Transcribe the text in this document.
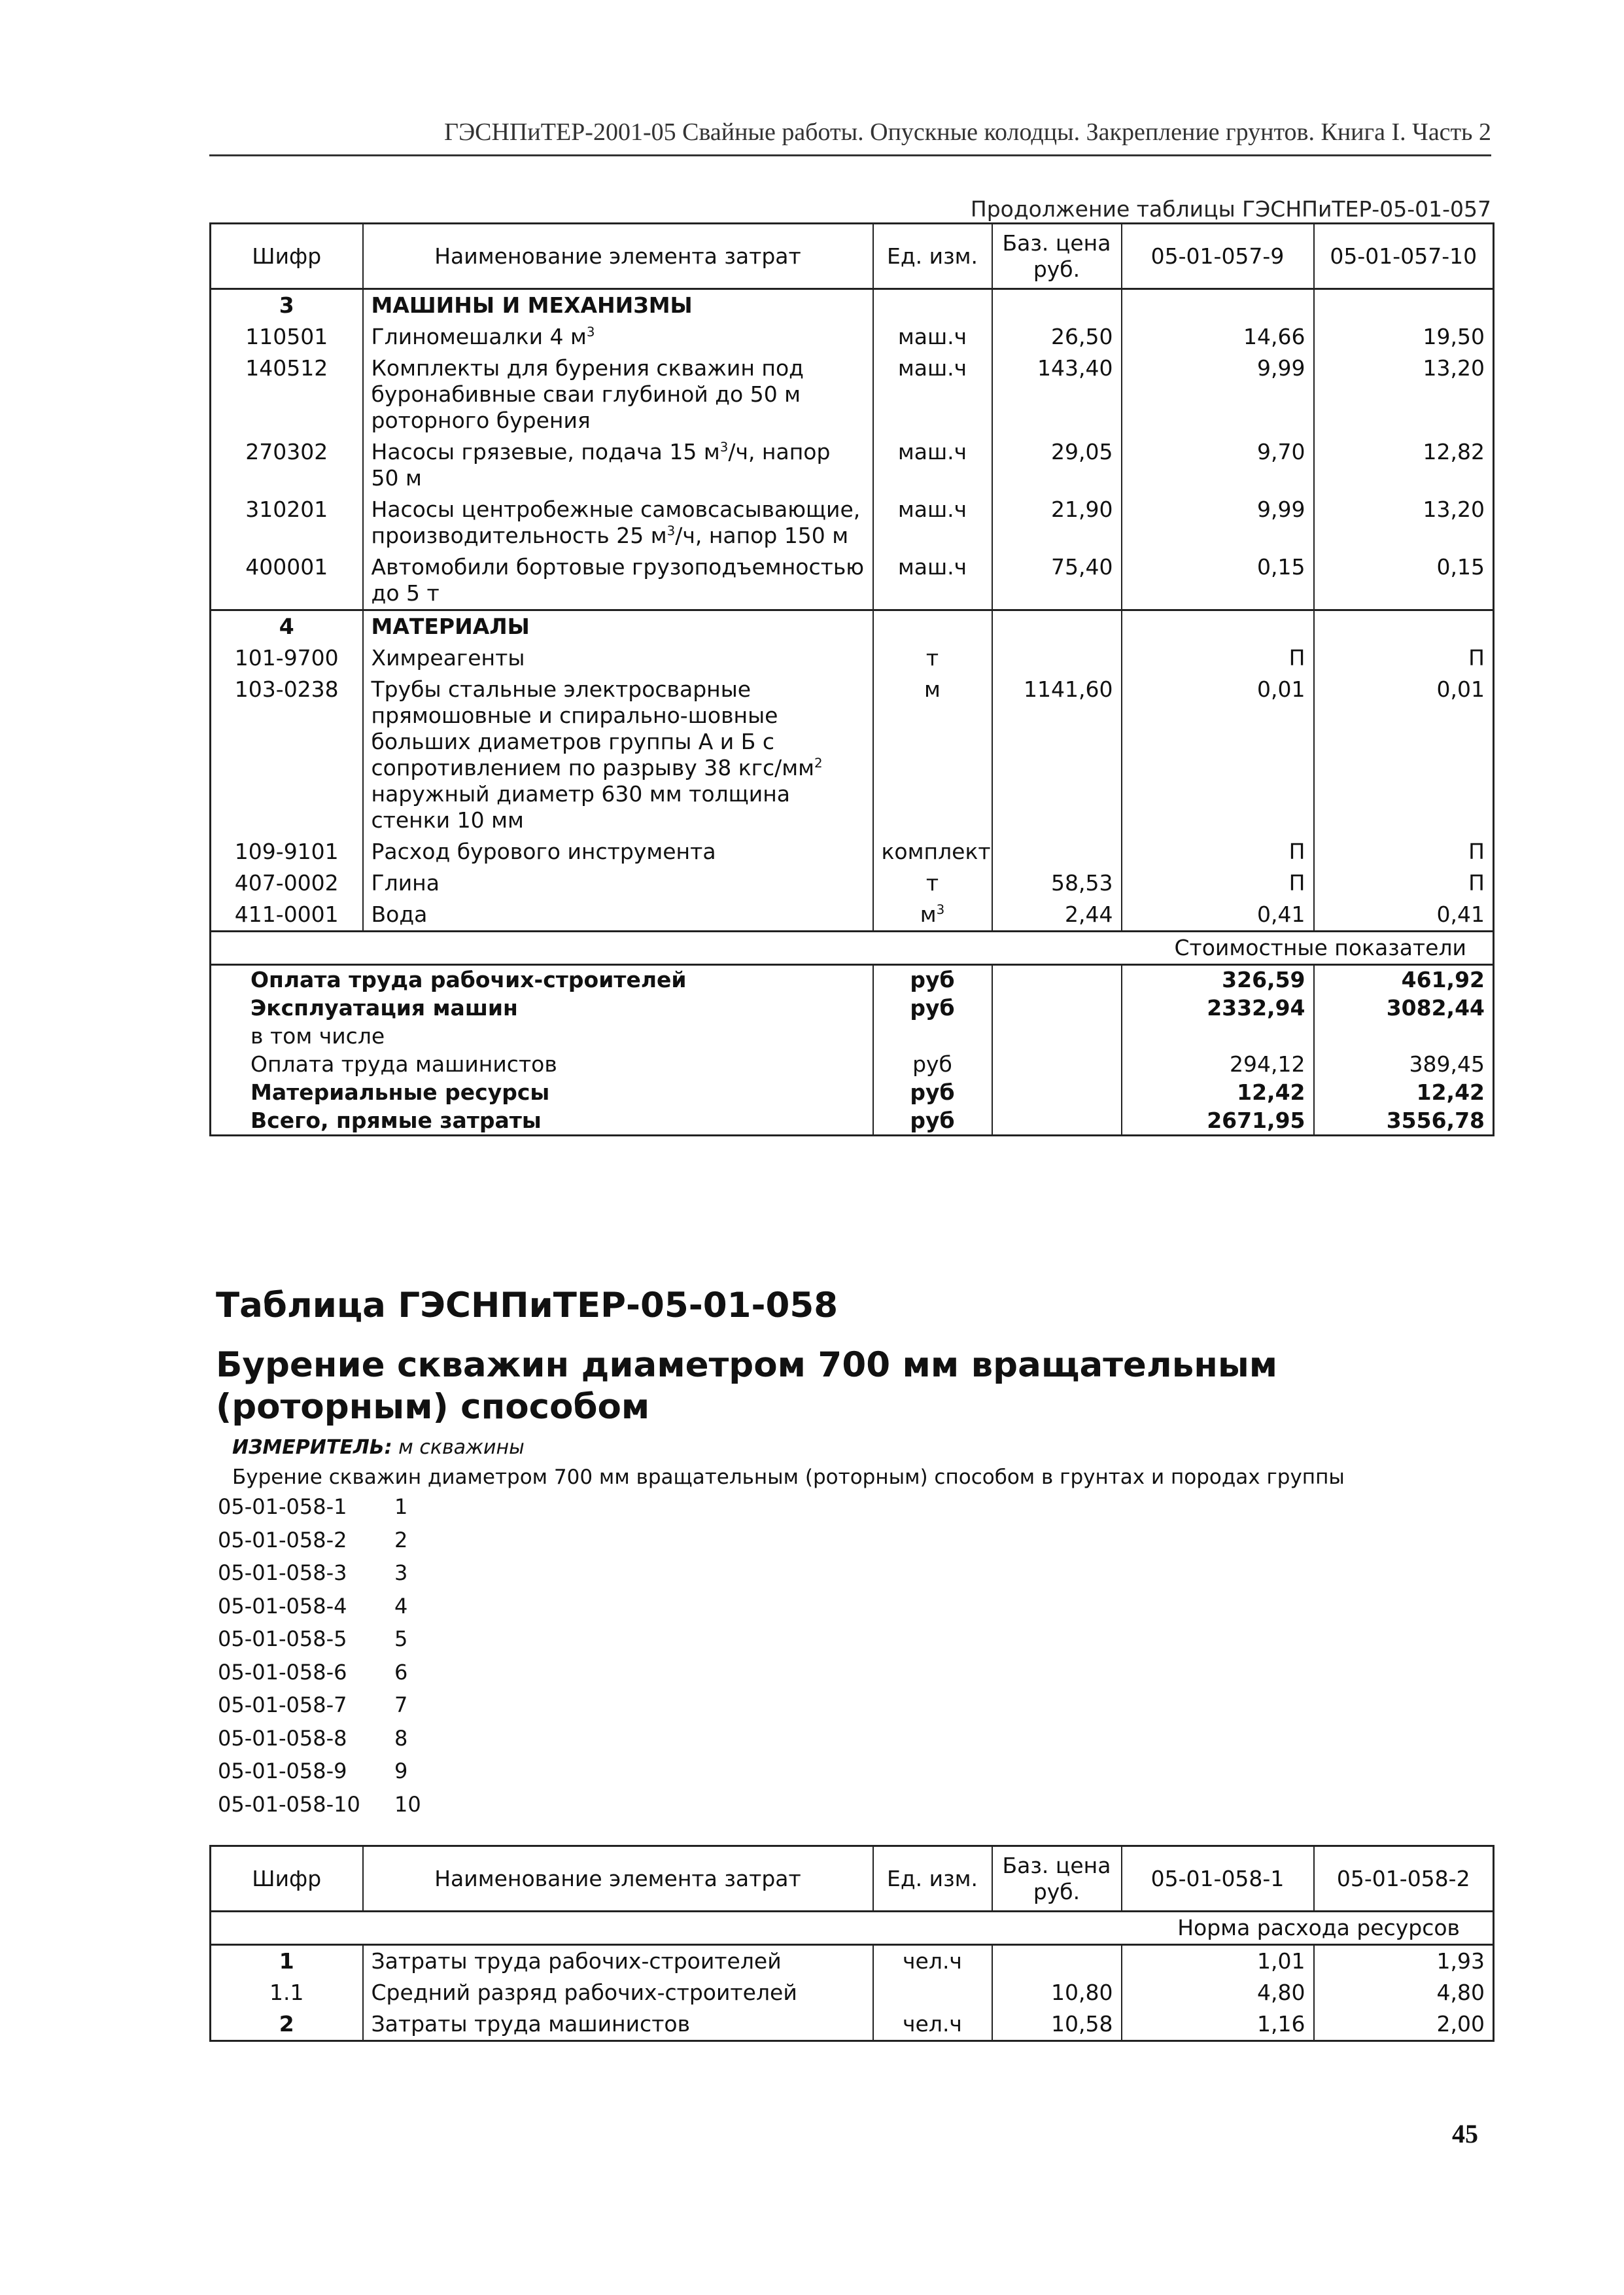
ГЭСНПиТЕР-2001-05 Свайные работы. Опускные колодцы. Закрепление грунтов. Книга I. Часть 2
Продолжение таблицы ГЭСНПиТЕР-05-01-057
Шифр	Наименование элемента затрат	Ед. изм.	Баз. цена руб.	05-01-057-9	05-01-057-10
3	МАШИНЫ И МЕХАНИЗМЫ				
110501	Глиномешалки 4 $м^3$	маш.ч	26,50	14,66	19,50
140512	Комплекты для бурения скважин под буронабивные сваи глубиной до 50 м роторного бурения	маш.ч	143,40	9,99	13,20
270302	Насосы грязевые, подача 15 $м^3/ч$, напор 50 м	маш.ч	29,05	9,70	12,82
310201	Насосы центробежные самовсасывающие, производительность 25 $м^3/ч$, напор 150 м	маш.ч	21,90	9,99	13,20
400001	Автомобили бортовые грузоподъемностью до 5 т	маш.ч	75,40	0,15	0,15
4	МАТЕРИАЛЫ				
101-9700	Химреагенты	т		П	П
103-0238	Трубы стальные электросварные прямошовные и спирально-шовные больших диаметров группы А и Б с сопротивлением по разрыву 38 кгс/$мм^2$ наружный диаметр 630 мм толщина стенки 10 мм	м	1141,60	0,01	0,01
109-9101	Расход бурового инструмента	комплект		П	П
407-0002	Глина	т	58,53	П	П
411-0001	Вода	$м^3$	2,44	0,41	0,41
Стоимостные показатели					
Оплата труда рабочих-строителей		руб		326,59	461,92
Эксплуатация машин		руб		2332,94	3082,44
в том числе					
Оплата труда машинистов		руб		294,12	389,45
Материальные ресурсы		руб		12,42	12,42
Всего, прямые затраты		руб		2671,95	3556,78
Таблица ГЭСНПиТЕР-05-01-058
Бурение скважин диаметром 700 мм вращательным (роторным) способом
ИЗМЕРИТЕЛЬ: м скважины
Бурение скважин диаметром 700 мм вращательным (роторным) способом в грунтах и породах группы
05-01-058-1	1
05-01-058-2	2
05-01-058-3	3
05-01-058-4	4
05-01-058-5	5
05-01-058-6	6
05-01-058-7	7
05-01-058-8	8
05-01-058-9	9
05-01-058-10	10
Шифр	Наименование элемента затрат	Ед. изм.	Баз. цена руб.	05-01-058-1	05-01-058-2
Норма расхода ресурсов					
1	Затраты труда рабочих-строителей	чел.ч		1,01	1,93
1.1	Средний разряд рабочих-строителей		10,80	4,80	4,80
2	Затраты труда машинистов	чел.ч	10,58	1,16	2,00
45
